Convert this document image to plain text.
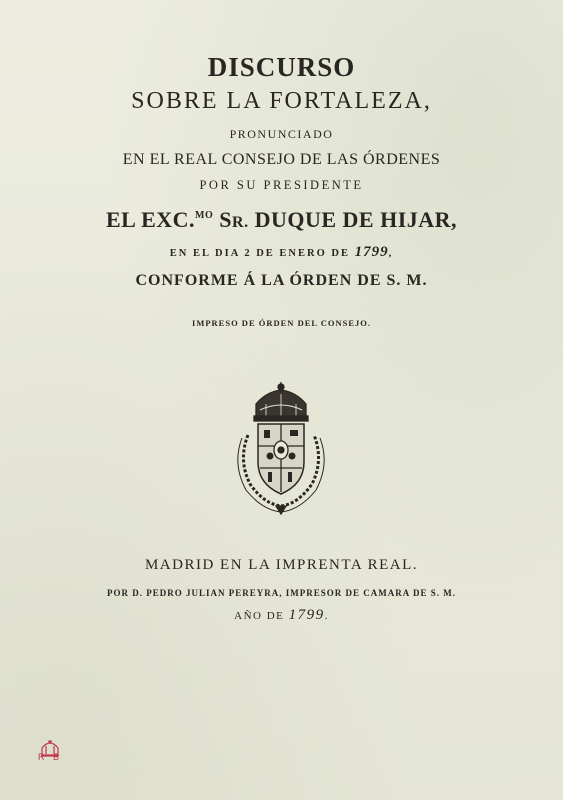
DISCURSO
SOBRE LA FORTALEZA,
PRONUNCIADO
EN EL REAL CONSEJO DE LAS ÓRDENES
POR SU PRESIDENTE
EL EXC.$^{MO}$ SR. DUQUE DE HIJAR,
EN EL DIA 2 DE ENERO DE 1799,
CONFORME Á LA ÓRDEN DE S. M.
IMPRESO DE ÓRDEN DEL CONSEJO.
MADRID EN LA IMPRENTA REAL.
POR D. PEDRO JULIAN PEREYRA, IMPRESOR DE CAMARA DE S. M.
AÑO DE 1799.
R B
